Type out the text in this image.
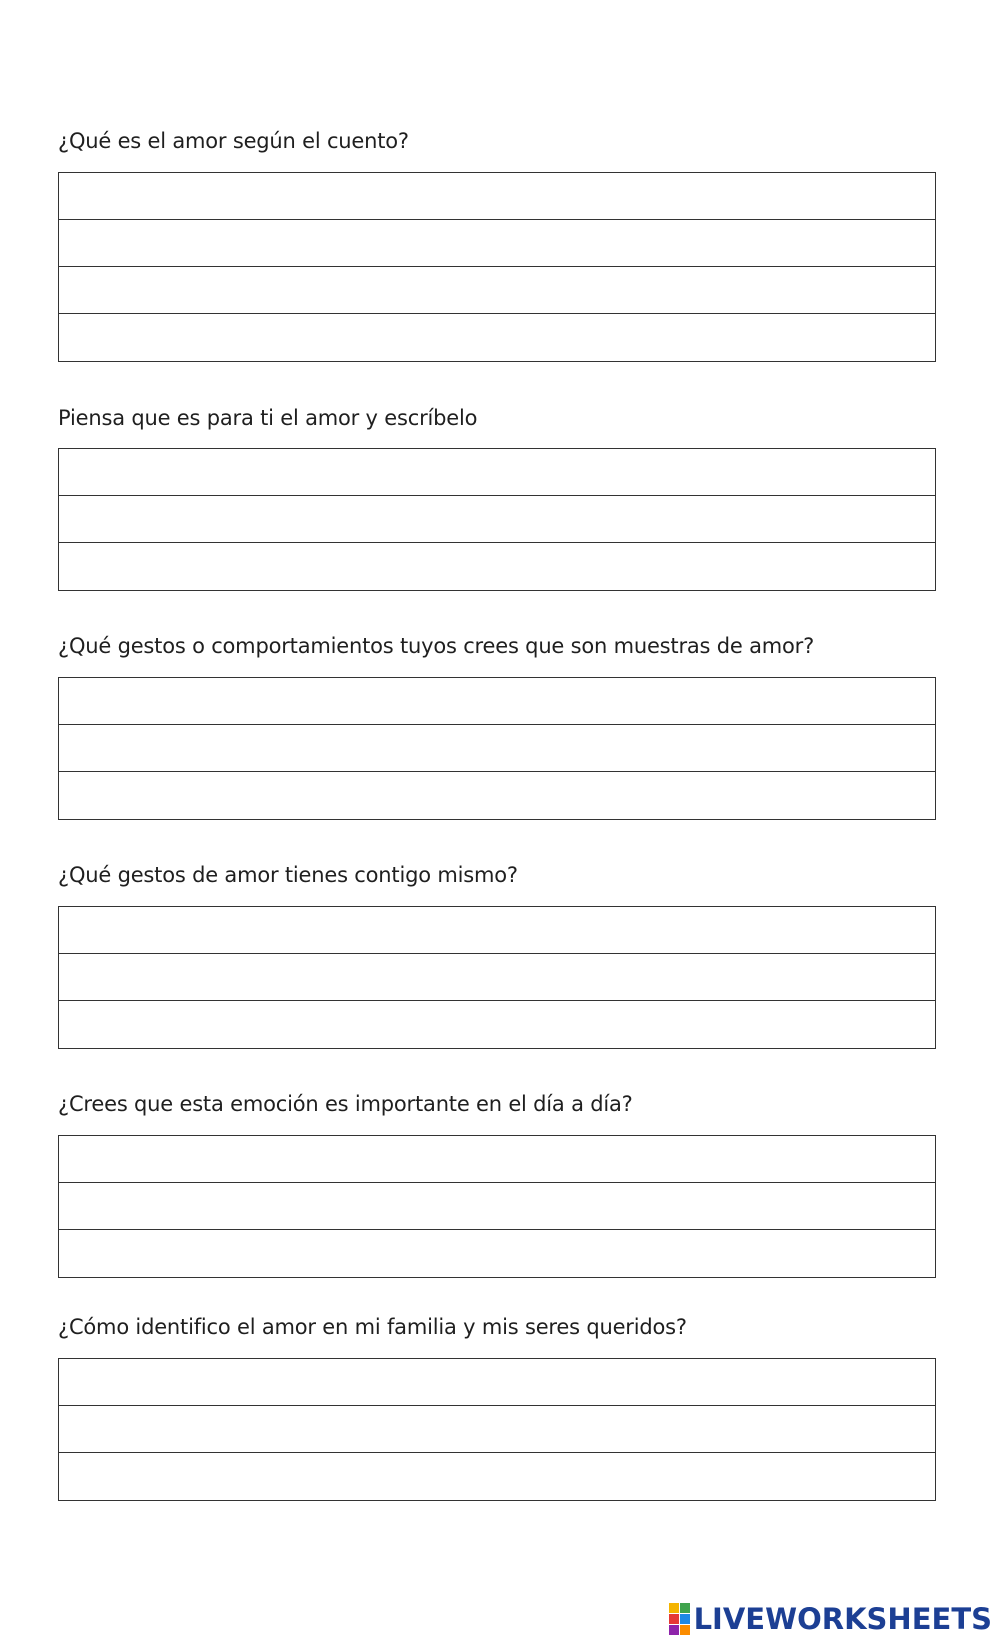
¿Qué es el amor según el cuento?
Piensa que es para ti el amor y escríbelo
¿Qué gestos o comportamientos tuyos crees que son muestras de amor?
¿Qué gestos de amor tienes contigo mismo?
¿Crees que esta emoción es importante en el día a día?
¿Cómo identifico el amor en mi familia y mis seres queridos?
LIVEWORKSHEETS
